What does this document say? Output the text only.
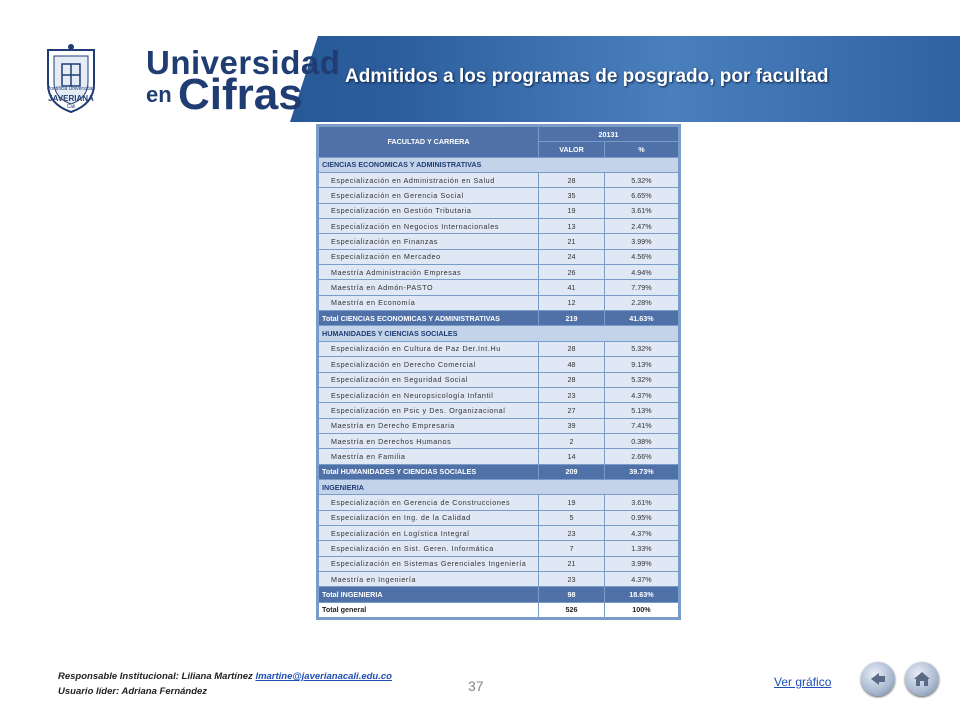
Pontificia Universidad
JAVERIANA
Cali
Universidad
en Cifras Admitidos a los programas de posgrado, por facultad
FACULTAD Y CARRERA	20131	
	VALOR	%
CIENCIAS ECONOMICAS Y ADMINISTRATIVAS		
Especialización en Administración en Salud	28	5.32%
Especialización en Gerencia Social	35	6.65%
Especialización en Gestión Tributaria	19	3.61%
Especialización en Negocios Internacionales	13	2.47%
Especialización en Finanzas	21	3.99%
Especialización en Mercadeo	24	4.56%
Maestría Administración Empresas	26	4.94%
Maestría en Admón-PASTO	41	7.79%
Maestría en Economía	12	2.28%
Total CIENCIAS ECONOMICAS Y ADMINISTRATIVAS	219	41.63%
HUMANIDADES Y CIENCIAS SOCIALES		
Especialización en Cultura de Paz Der.Int.Hu	28	5.32%
Especialización en Derecho Comercial	48	9.13%
Especialización en Seguridad Social	28	5.32%
Especialización en Neuropsicología Infantil	23	4.37%
Especialización en Psic y Des. Organizacional	27	5.13%
Maestría en Derecho Empresaria	39	7.41%
Maestría en Derechos Humanos	2	0.38%
Maestría en Familia	14	2.66%
Total HUMANIDADES Y CIENCIAS SOCIALES	209	39.73%
INGENIERIA		
Especialización en Gerencia de Construcciones	19	3.61%
Especialización en Ing. de la Calidad	5	0.95%
Especialización en Logística Integral	23	4.37%
Especialización en Sist. Geren. Informática	7	1.33%
Especialización en Sistemas Gerenciales Ingeniería	21	3.99%
Maestría en Ingeniería	23	4.37%
Total INGENIERIA	98	18.63%
Total general	526	100%
Responsable Institucional: Liliana Martínez lmartine@javerianacali.edu.co
Usuario líder: Adriana Fernández	37	Ver gráfico
